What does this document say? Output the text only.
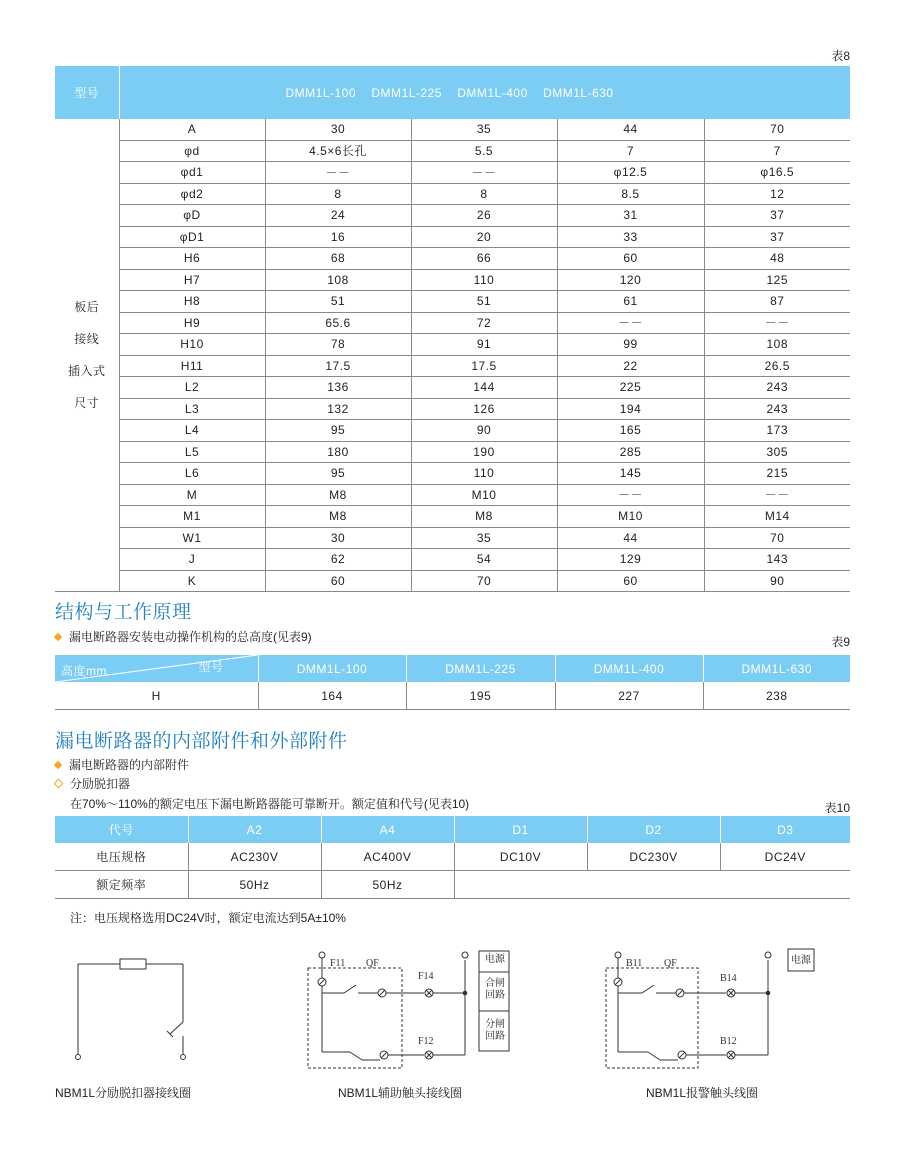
表8
型号	DMM1L-100    DMM1L-225    DMM1L-400    DMM1L-630				

板后
接线
插入式
尺寸	A	30	35	44	70
	φd	4.5×6长孔	5.5	7	7
	φd1	－－	－－	φ12.5	φ16.5
	φd2	8	8	8.5	12
	φD	24	26	31	37
	φD1	16	20	33	37
	H6	68	66	60	48
	H7	108	110	120	125
	H8	51	51	61	87
	H9	65.6	72	－－	－－
	H10	78	91	99	108
	H11	17.5	17.5	22	26.5
	L2	136	144	225	243
	L3	132	126	194	243
	L4	95	90	165	173
	L5	180	190	285	305
	L6	95	110	145	215
	M	M8	M10	－－	－－
	M1	M8	M8	M10	M14
	W1	30	35	44	70
	J	62	54	129	143
	K	60	70	60	90
结构与工作原理
漏电断路器安装电动操作机构的总高度(见表9)	表9
型号
高度mm	DMM1L-100	DMM1L-225	DMM1L-400	DMM1L-630
H	164	195	227	238
漏电断路器的内部附件和外部附件
漏电断路器的内部附件
分励脱扣器
在70%～110%的额定电压下漏电断路器能可靠断开。额定值和代号(见表10)	表10
代号	A2	A4	D1	D2	D3
电压规格	AC230V	AC400V	DC10V	DC230V	DC24V
额定频率	50Hz	50Hz			
注：电压规格选用DC24V时，额定电流达到5A±10%
NBM1L分励脱扣器接线圈
F11 QF
F14
F12
电源
合闸回路
分闸回路
NBM1L辅助触头接线圈
B11 QF
B14
B12
电源
NBM1L报警触头线圈
